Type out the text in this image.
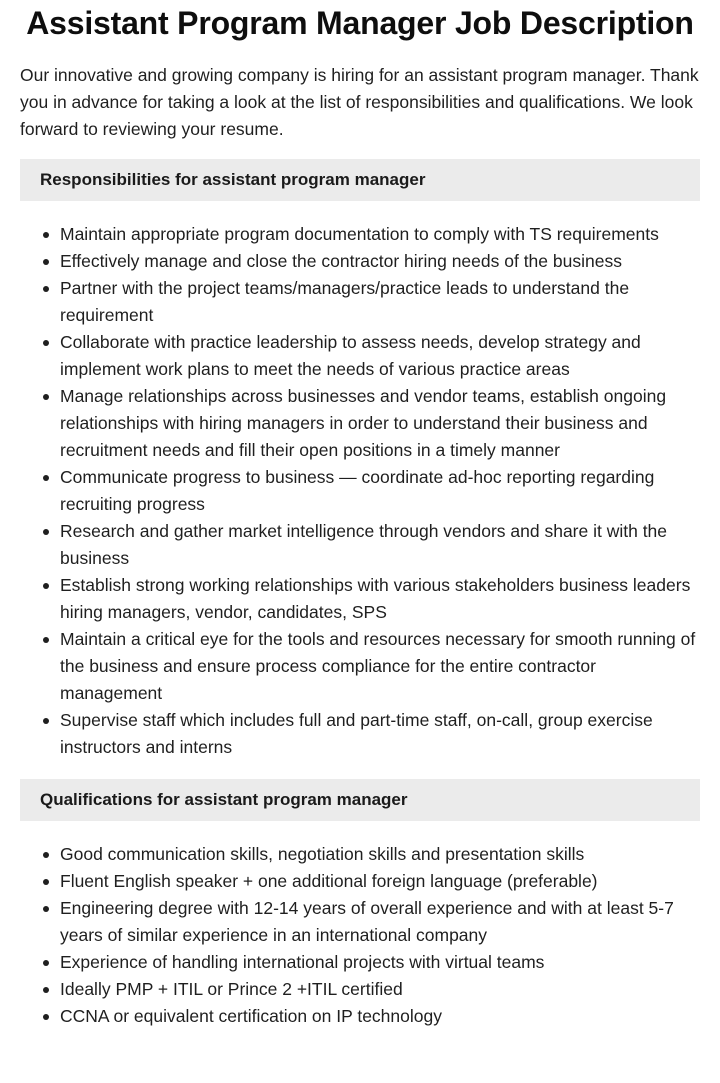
Assistant Program Manager Job Description

Our innovative and growing company is hiring for an assistant program manager. Thank you in advance for taking a look at the list of responsibilities and qualifications. We look forward to reviewing your resume.

Responsibilities for assistant program manager
Maintain appropriate program documentation to comply with TS requirements
Effectively manage and close the contractor hiring needs of the business
Partner with the project teams/managers/practice leads to understand the requirement
Collaborate with practice leadership to assess needs, develop strategy and implement work plans to meet the needs of various practice areas
Manage relationships across businesses and vendor teams, establish ongoing relationships with hiring managers in order to understand their business and recruitment needs and fill their open positions in a timely manner
Communicate progress to business — coordinate ad-hoc reporting regarding recruiting progress
Research and gather market intelligence through vendors and share it with the business
Establish strong working relationships with various stakeholders business leaders hiring managers, vendor, candidates, SPS
Maintain a critical eye for the tools and resources necessary for smooth running of the business and ensure process compliance for the entire contractor management
Supervise staff which includes full and part-time staff, on-call, group exercise instructors and interns
Qualifications for assistant program manager
Good communication skills, negotiation skills and presentation skills
Fluent English speaker + one additional foreign language (preferable)
Engineering degree with 12-14 years of overall experience and with at least 5-7 years of similar experience in an international company
Experience of handling international projects with virtual teams
Ideally PMP + ITIL or Prince 2 +ITIL certified
CCNA or equivalent certification on IP technology
